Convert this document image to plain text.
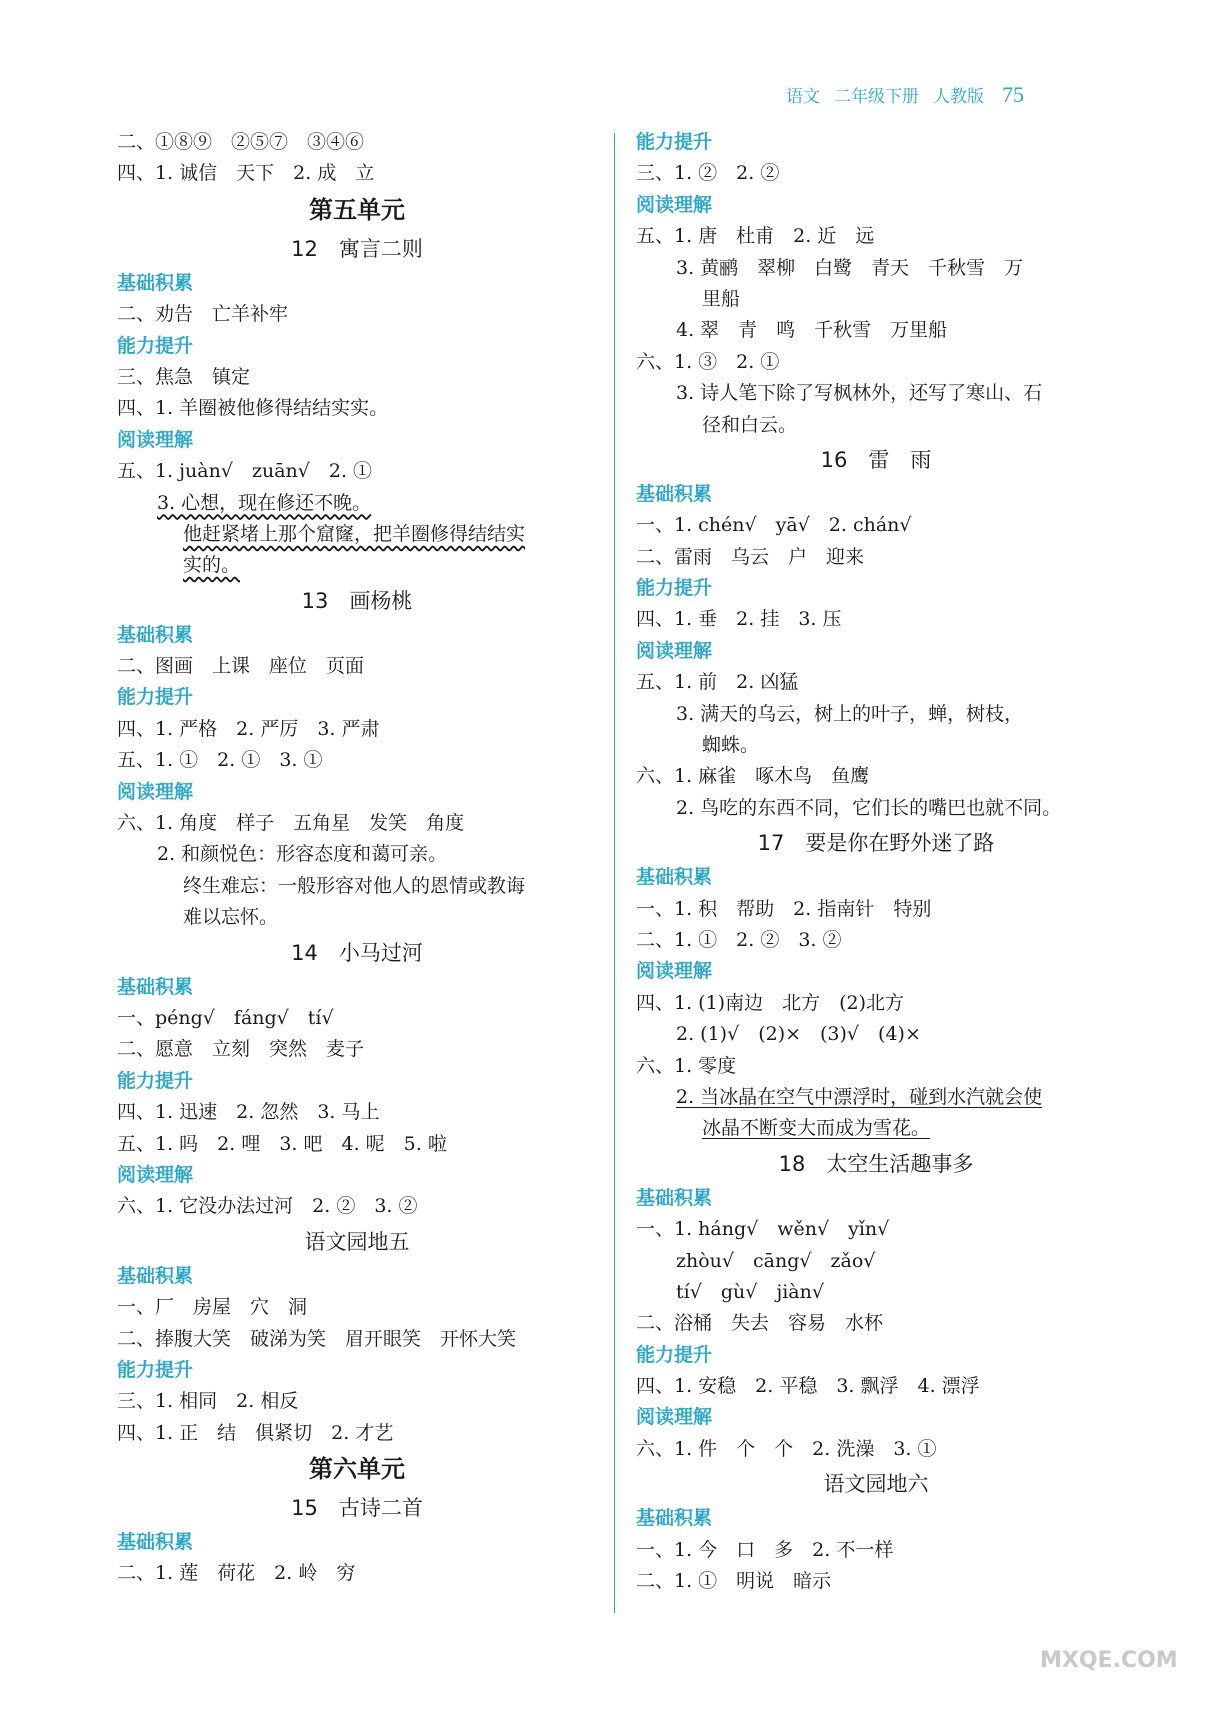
语文 二年级下册 人教版 75
二、①⑧⑨　②⑤⑦　③④⑥
四、1. 诚信　天下　2. 成　立
第五单元
12　寓言二则
基础积累
二、劝告　亡羊补牢
能力提升
三、焦急　镇定
四、1. 羊圈被他修得结结实实。
阅读理解
五、1. juàn√　zuān√　2. ①
3. 心想，现在修还不晚。
他赶紧堵上那个窟窿，把羊圈修得结结实
实的。
13　画杨桃
基础积累
二、图画　上课　座位　页面
能力提升
四、1. 严格　2. 严厉　3. 严肃
五、1. ①　2. ①　3. ①
阅读理解
六、1. 角度　样子　五角星　发笑　角度
2. 和颜悦色：形容态度和蔼可亲。
终生难忘：一般形容对他人的恩情或教诲
难以忘怀。
14　小马过河
基础积累
一、péng√　fáng√　tí√
二、愿意　立刻　突然　麦子
能力提升
四、1. 迅速　2. 忽然　3. 马上
五、1. 吗　2. 哩　3. 吧　4. 呢　5. 啦
阅读理解
六、1. 它没办法过河　2. ②　3. ②
语文园地五
基础积累
一、厂　房屋　穴　洞
二、捧腹大笑　破涕为笑　眉开眼笑　开怀大笑
能力提升
三、1. 相同　2. 相反
四、1. 正　结　俱紧切　2. 才艺
第六单元
15　古诗二首
基础积累
二、1. 莲　荷花　2. 岭　穷
能力提升
三、1. ②　2. ②
阅读理解
五、1. 唐　杜甫　2. 近　远
3. 黄鹂　翠柳　白鹭　青天　千秋雪　万
里船
4. 翠　青　鸣　千秋雪　万里船
六、1. ③　2. ①
3. 诗人笔下除了写枫林外，还写了寒山、石
径和白云。
16　雷　雨
基础积累
一、1. chén√　yā√　2. chán√
二、雷雨　乌云　户　迎来
能力提升
四、1. 垂　2. 挂　3. 压
阅读理解
五、1. 前　2. 凶猛
3. 满天的乌云，树上的叶子，蝉，树枝，
蜘蛛。
六、1. 麻雀　啄木鸟　鱼鹰
2. 鸟吃的东西不同，它们长的嘴巴也就不同。
17　要是你在野外迷了路
基础积累
一、1. 积　帮助　2. 指南针　特别
二、1. ①　2. ②　3. ②
阅读理解
四、1. (1)南边　北方　(2)北方
2. (1)√　(2)×　(3)√　(4)×
六、1. 零度
2. 当冰晶在空气中漂浮时，碰到水汽就会使
冰晶不断变大而成为雪花。
18　太空生活趣事多
基础积累
一、1. háng√　wěn√　yǐn√
zhòu√　cāng√　zǎo√
tí√　gù√　jiàn√
二、浴桶　失去　容易　水杯
能力提升
四、1. 安稳　2. 平稳　3. 飘浮　4. 漂浮
阅读理解
六、1. 件　个　个　2. 洗澡　3. ①
语文园地六
基础积累
一、1. 今　口　多　2. 不一样
二、1. ①　明说　暗示
MXQE.COM
